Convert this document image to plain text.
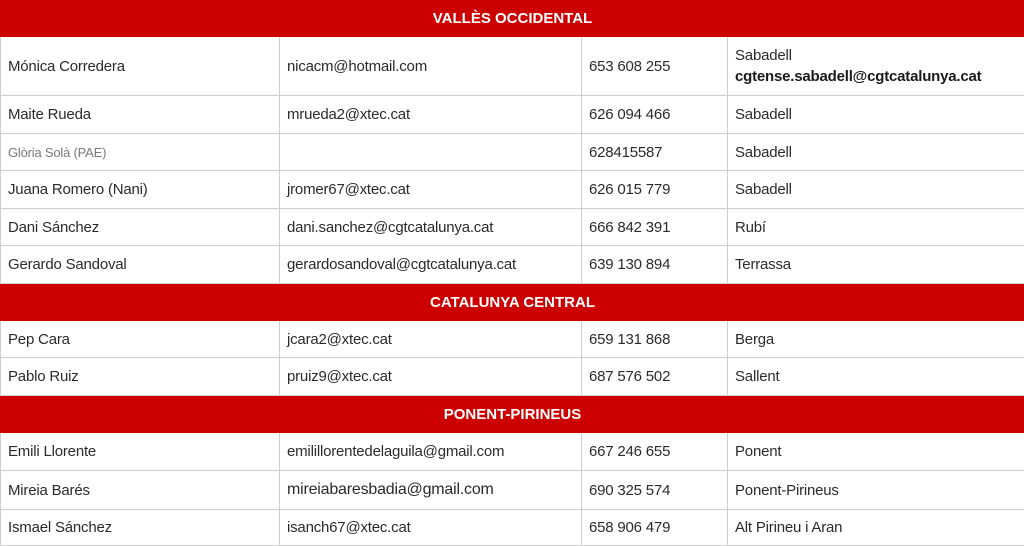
VALLÈS OCCIDENTAL			
Mónica Corredera	nicacm@hotmail.com	653 608 255	Sabadell
cgtense.sabadell@cgtcatalunya.cat

Maite Rueda	mrueda2@xtec.cat	626 094 466	Sabadell
Glòria Solà (PAE)		628415587	Sabadell
Juana Romero (Nani)	jromer67@xtec.cat	626 015 779	Sabadell
Dani Sánchez	dani.sanchez@cgtcatalunya.cat	666 842 391	Rubí
Gerardo Sandoval	gerardosandoval@cgtcatalunya.cat	639 130 894	Terrassa
CATALUNYA CENTRAL			
Pep Cara	jcara2@xtec.cat	659 131 868	Berga
Pablo Ruiz	pruiz9@xtec.cat	687 576 502	Sallent
PONENT-PIRINEUS			
Emili Llorente	emilillorentedelaguila@gmail.com	667 246 655	Ponent
Mireia Barés	mireiabaresbadia@gmail.com	690 325 574	Ponent-Pirineus
Ismael Sánchez	isanch67@xtec.cat	658 906 479	Alt Pirineu i Aran
